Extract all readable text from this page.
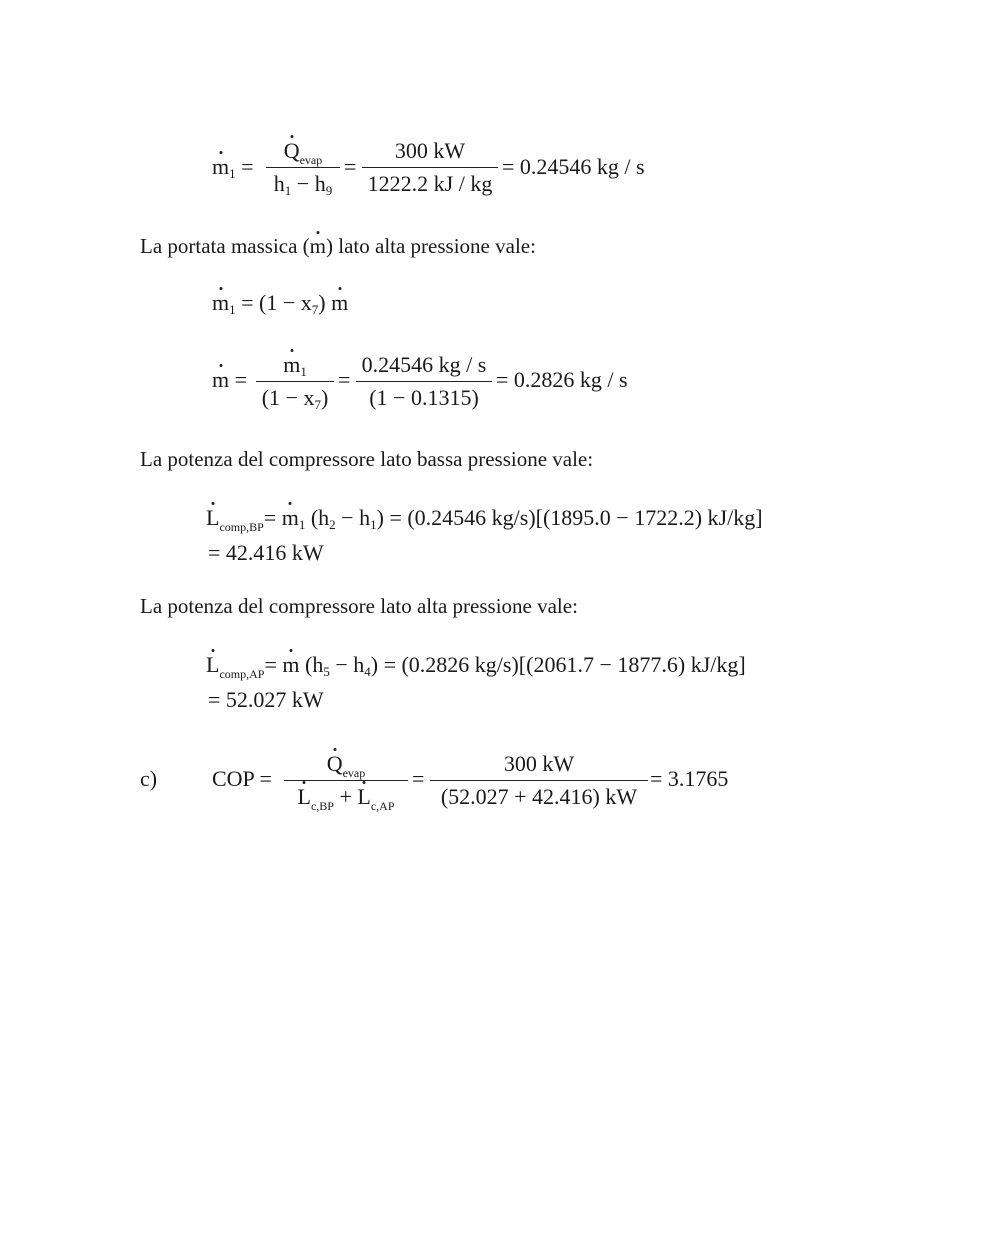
$m_1$ =
$Q_{evap}$
$h_1 - h_9$
=
300 kW
1222.2 kJ / kg
= 0.24546 kg / s
La portata massica (m) lato alta pressione vale:
$m_1 = (1 - x_7)$ m
m =
$m_1$
$(1 - x_7)$
=
0.24546 kg / s
(1 − 0.1315)
= 0.2826 kg / s
La potenza del compressore lato bassa pressione vale:
$L_{comp,BP}= m_1$ $(h_2 - h_1) = (0.24546$ kg/s)[(1895.0 − 1722.2) kJ/kg]
= 42.416 kW
La potenza del compressore lato alta pressione vale:
$L_{comp,AP}= m$ $(h_5 - h_4) = (0.2826$ kg/s)[(2061.7 − 1877.6) kJ/kg]
= 52.027 kW
c) COP =
$Q_{evap}$
$L_{c,BP} + L_{c,AP}$
=
300 kW
(52.027 + 42.416) kW
= 3.1765
